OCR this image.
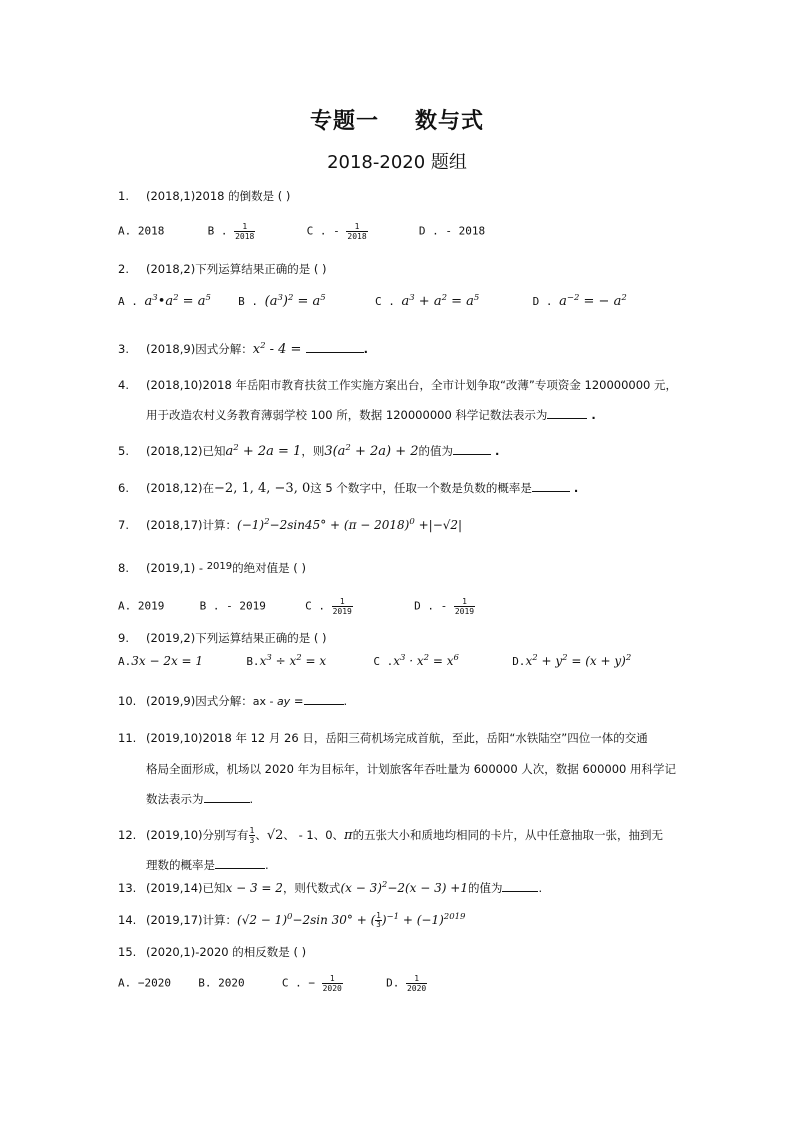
专题一 数与式
2018-2020 题组
1. (2018,1)2018 的倒数是 ( )
A. 2018	B . $\frac{1}{2018}$	C . - $\frac{1}{2018}$	D . - 2018
2. (2018,2)下列运算结果正确的是 ( )
A . $a^3•a^2 = a^5$ B . $(a^3)^2 = a^5$	C . $a^3 + a^2 = a^5$	D . $a^{-2}$ = − $a^2$
3. (2018,9)因式分解：$x^2 - 4$ =	.
4. (2018,10)2018 年岳阳市教育扶贫工作实施方案出台，全市计划争取“改薄”专项资金 120000000 元，
用于改造农村义务教育薄弱学校 100 所，数据 120000000 科学记数法表示为	.
5. (2018,12)已知$a^2 + 2a = 1$，则$3(a^2 + 2a) + 2$的值为	.
6. (2018,12)在−2, 1, 4, −3, 0这 5 个数字中，任取一个数是负数的概率是	.
7. (2018,17)计算：$(-1)^2-2\sin 45^\circ + (\pi - 2018)^0 +|-√2|$
8. (2019,1) - 2019的绝对值是 ( )
A. 2019	B . - 2019	C . $\frac{1}{2019}$	D . - $\frac{1}{2019}$
9. (2019,2)下列运算结果正确的是 ( )
A.3x − 2x = 1	$B.x^3 \div x^2 = x$	C $.x^3 \cdot x^2 = x^6$	$D.x^2 + y^2 = (x + y)^2$
10. (2019,9)因式分解：ax - ay =	.
11. (2019,10)2018 年 12 月 26 日，岳阳三荷机场完成首航，至此，岳阳“水铁陆空”四位一体的交通
格局全面形成，机场以 2020 年为目标年，计划旅客年吞吐量为 600000 人次，数据 600000 用科学记
数法表示为	.
12. (2019,10)分别写有 $\frac{1}{3}$ 、√2、 - 1、0、π的五张大小和质地均相同的卡片，从中任意抽取一张，抽到无
理数的概率是	.
13. (2019,14)已知x − 3 = 2，则代数式$(x - 3)^2-2(x - 3) +1$的值为	.
14. (2019,17)计算：$(√2 - 1)^0-2\sin$ 30° + ( $\frac{1}{3} )^{-1} + (-1)^{2019}$
15. (2020,1)-2020 的相反数是 ( )
A. −2020 B. 2020	C . − $\frac{1}{2020}$	D. $\frac{1}{2020}$
